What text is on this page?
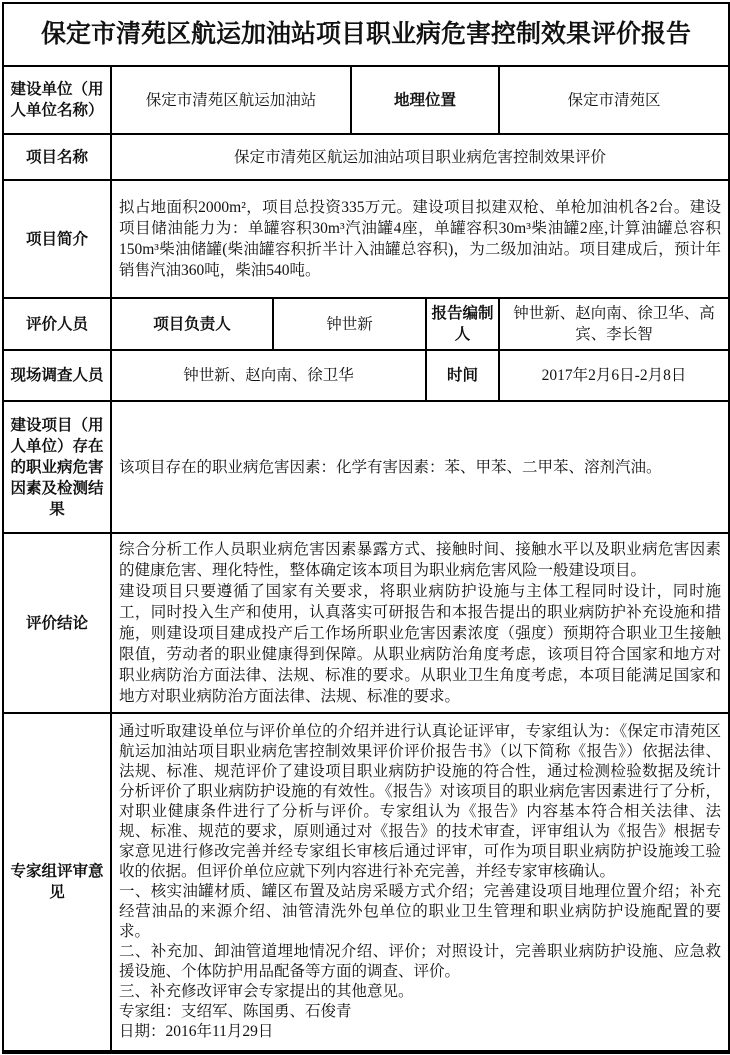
保定市清苑区航运加油站项目职业病危害控制效果评价报告					
建设单位（用人单位名称）	保定市清苑区航运加油站		地理位置		保定市清苑区
项目名称	保定市清苑区航运加油站项目职业病危害控制效果评价				
项目简介	拟占地面积2000m²，项目总投资335万元。建设项目拟建双枪、单枪加油机各2台。建设项目储油能力为：单罐容积30m³汽油罐4座，单罐容积30m³柴油罐2座,计算油罐总容积150m³柴油储罐(柴油罐容积折半计入油罐总容积)，为二级加油站。项目建成后，预计年销售汽油360吨，柴油540吨。				
评价人员	项目负责人	钟世新		报告编制人	钟世新、赵向南、徐卫华、高宾、李长智
现场调查人员	钟世新、赵向南、徐卫华			时间	2017年2月6日-2月8日
建设项目（用人单位）存在的职业病危害因素及检测结果	该项目存在的职业病危害因素：化学有害因素：苯、甲苯、二甲苯、溶剂汽油。				
评价结论	综合分析工作人员职业病危害因素暴露方式、接触时间、接触水平以及职业病危害因素的健康危害、理化特性，整体确定该本项目为职业病危害风险一般建设项目。

建设项目只要遵循了国家有关要求，将职业病防护设施与主体工程同时设计，同时施工，同时投入生产和使用，认真落实可研报告和本报告提出的职业病防护补充设施和措施，则建设项目建成投产后工作场所职业危害因素浓度（强度）预期符合职业卫生接触限值，劳动者的职业健康得到保障。从职业病防治角度考虑，该项目符合国家和地方对职业病防治方面法律、法规、标准的要求。从职业卫生角度考虑，本项目能满足国家和地方对职业病防治方面法律、法规、标准的要求。				

专家组评审意见	

通过听取建设单位与评价单位的介绍并进行认真论证评审，专家组认为：《保定市清苑区航运加油站项目职业病危害控制效果评价评价报告书》（以下简称《报告》）依据法律、法规、标准、规范评价了建设项目职业病防护设施的符合性，通过检测检验数据及统计分析评价了职业病防护设施的有效性。《报告》对该项目的职业病危害因素进行了分析，对职业健康条件进行了分析与评价。专家组认为《报告》内容基本符合相关法律、法规、标准、规范的要求，原则通过对《报告》的技术审查，评审组认为《报告》根据专家意见进行修改完善并经专家组长审核后通过评审，可作为项目职业病防护设施竣工验收的依据。但评价单位应就下列内容进行补充完善，并经专家审核确认。

一、核实油罐材质、罐区布置及站房采暖方式介绍；完善建设项目地理位置介绍；补充经营油品的来源介绍、油管清洗外包单位的职业卫生管理和职业病防护设施配置的要求。

二、补充加、卸油管道埋地情况介绍、评价；对照设计，完善职业病防护设施、应急救援设施、个体防护用品配备等方面的调查、评价。

三、补充修改评审会专家提出的其他意见。

专家组：支绍军、陈国勇、石俊青

日期：2016年11月29日
